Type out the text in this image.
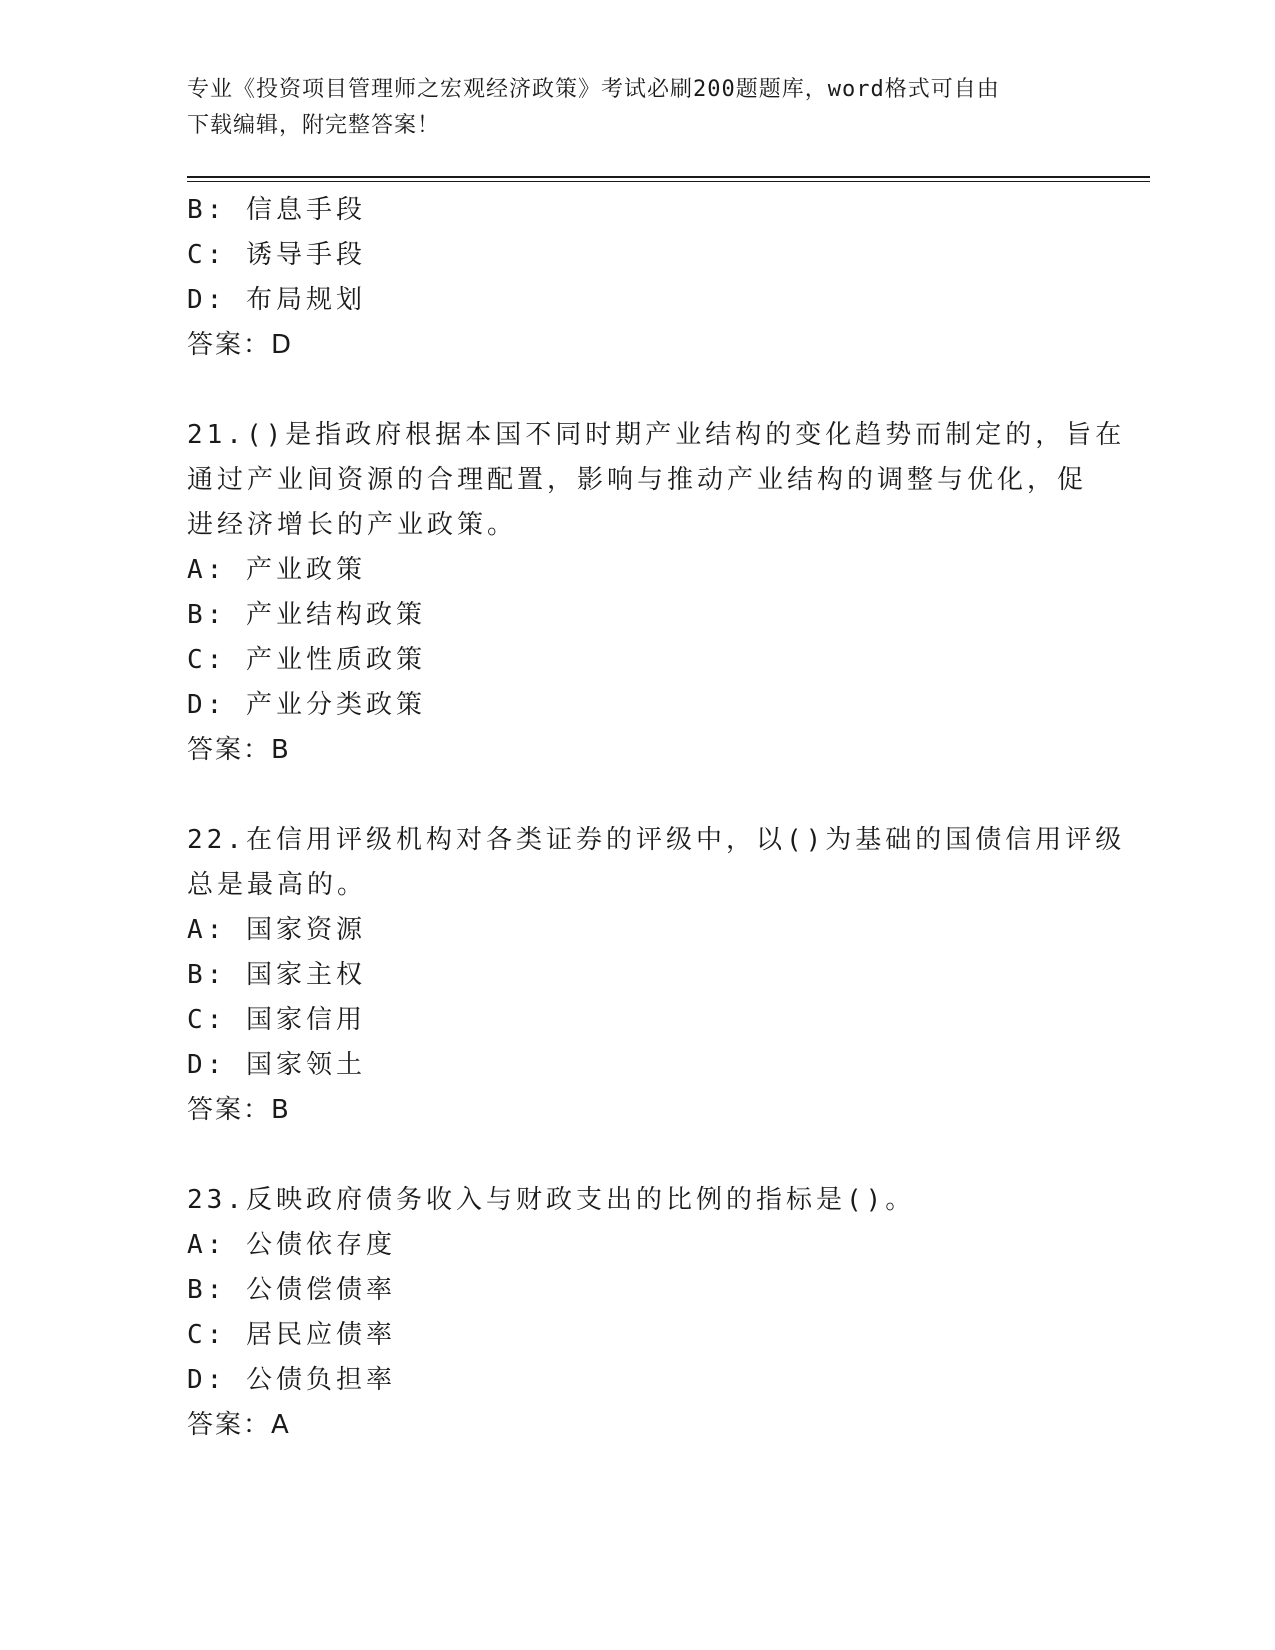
专业《投资项目管理师之宏观经济政策》考试必刷200题题库，word格式可自由
下载编辑，附完整答案！
B: 信息手段
C: 诱导手段
D: 布局规划
答案：D
21.()是指政府根据本国不同时期产业结构的变化趋势而制定的，旨在
通过产业间资源的合理配置，影响与推动产业结构的调整与优化，促
进经济增长的产业政策。
A: 产业政策
B: 产业结构政策
C: 产业性质政策
D: 产业分类政策
答案：B
22.在信用评级机构对各类证券的评级中，以()为基础的国债信用评级
总是最高的。
A: 国家资源
B: 国家主权
C: 国家信用
D: 国家领土
答案：B
23.反映政府债务收入与财政支出的比例的指标是()。
A: 公债依存度
B: 公债偿债率
C: 居民应债率
D: 公债负担率
答案：A
